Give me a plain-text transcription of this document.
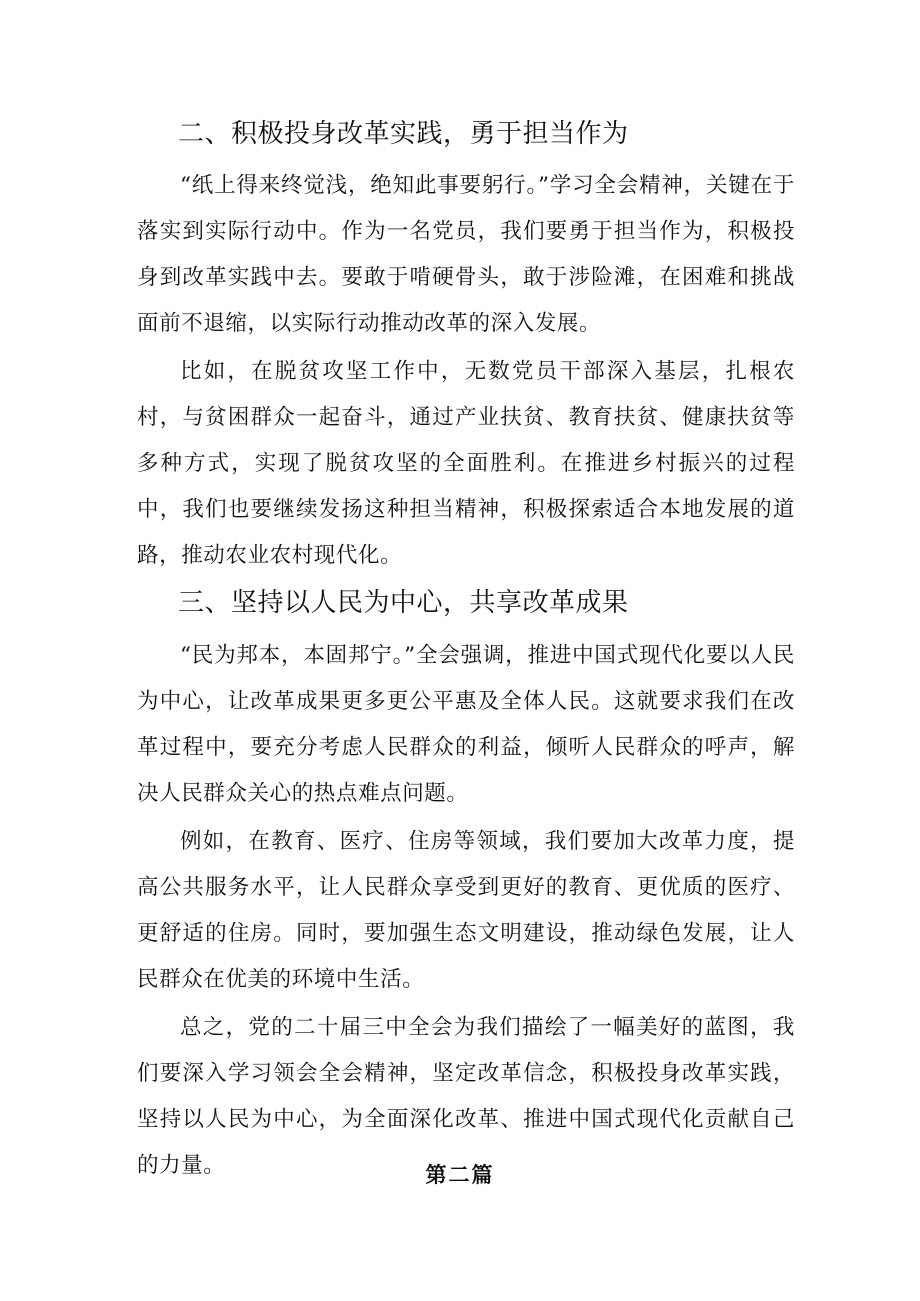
二、积极投身改革实践，勇于担当作为

“纸上得来终觉浅，绝知此事要躬行。”学习全会精神，关键在于落实到实际行动中。作为一名党员，我们要勇于担当作为，积极投身到改革实践中去。要敢于啃硬骨头，敢于涉险滩，在困难和挑战面前不退缩，以实际行动推动改革的深入发展。

比如，在脱贫攻坚工作中，无数党员干部深入基层，扎根农村，与贫困群众一起奋斗，通过产业扶贫、教育扶贫、健康扶贫等多种方式，实现了脱贫攻坚的全面胜利。在推进乡村振兴的过程中，我们也要继续发扬这种担当精神，积极探索适合本地发展的道路，推动农业农村现代化。

三、坚持以人民为中心，共享改革成果

“民为邦本，本固邦宁。”全会强调，推进中国式现代化要以人民为中心，让改革成果更多更公平惠及全体人民。这就要求我们在改革过程中，要充分考虑人民群众的利益，倾听人民群众的呼声，解决人民群众关心的热点难点问题。

例如，在教育、医疗、住房等领域，我们要加大改革力度，提高公共服务水平，让人民群众享受到更好的教育、更优质的医疗、更舒适的住房。同时，要加强生态文明建设，推动绿色发展，让人民群众在优美的环境中生活。

总之，党的二十届三中全会为我们描绘了一幅美好的蓝图，我们要深入学习领会全会精神，坚定改革信念，积极投身改革实践，坚持以人民为中心，为全面深化改革、推进中国式现代化贡献自己的力量。	第二篇
